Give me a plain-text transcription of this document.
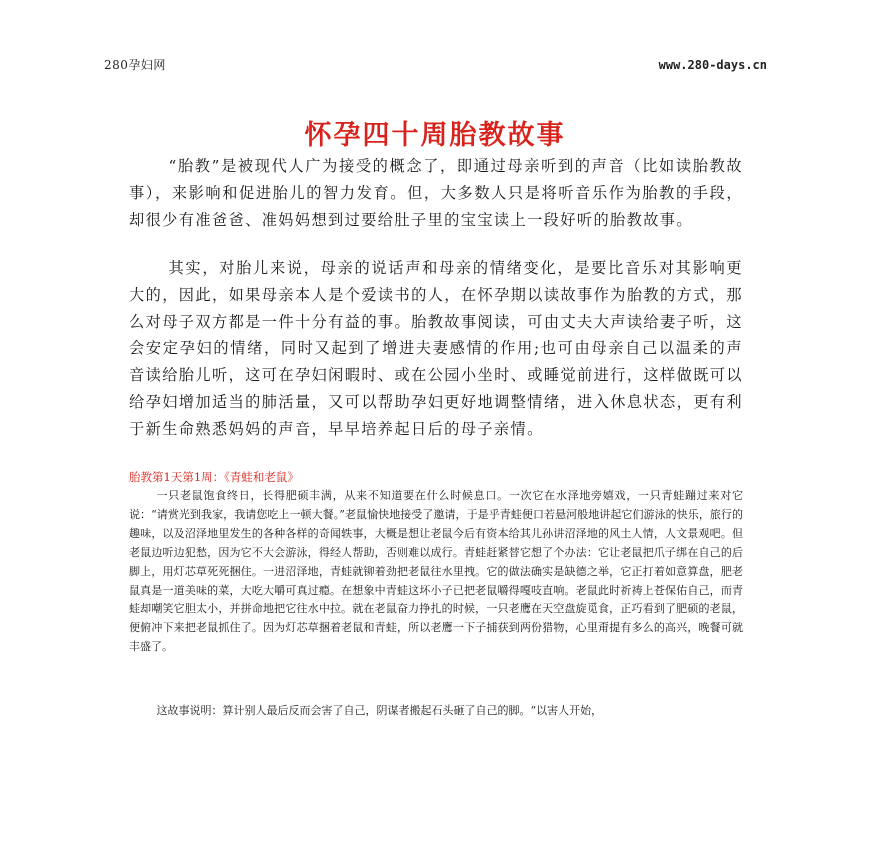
280孕妇网	www.280-days.cn
怀孕四十周胎教故事

“胎教”是被现代人广为接受的概念了，即通过母亲听到的声音（比如读胎教故事），来影响和促进胎儿的智力发育。但，大多数人只是将听音乐作为胎教的手段，却很少有准爸爸、准妈妈想到过要给肚子里的宝宝读上一段好听的胎教故事。

其实，对胎儿来说，母亲的说话声和母亲的情绪变化，是要比音乐对其影响更大的，因此，如果母亲本人是个爱读书的人，在怀孕期以读故事作为胎教的方式，那么对母子双方都是一件十分有益的事。胎教故事阅读，可由丈夫大声读给妻子听，这会安定孕妇的情绪，同时又起到了增进夫妻感情的作用;也可由母亲自己以温柔的声音读给胎儿听，这可在孕妇闲暇时、或在公园小坐时、或睡觉前进行，这样做既可以给孕妇增加适当的肺活量，又可以帮助孕妇更好地调整情绪，进入休息状态，更有利于新生命熟悉妈妈的声音，早早培养起日后的母子亲情。

胎教第1天第1周：《青蛙和老鼠》

一只老鼠饱食终日，长得肥硕丰满，从来不知道要在什么时候息口。一次它在水泽地旁嬉戏，一只青蛙蹦过来对它说：“请赏光到我家，我请您吃上一顿大餐。”老鼠愉快地接受了邀请，于是乎青蛙便口若悬河般地讲起它们游泳的快乐，旅行的趣味，以及沼泽地里发生的各种各样的奇闻轶事，大概是想让老鼠今后有资本给其儿孙讲沼泽地的风土人情，人文景观吧。但老鼠边听边犯愁，因为它不大会游泳，得经人帮助，否则难以成行。青蛙赶紧替它想了个办法：它让老鼠把爪子绑在自己的后脚上，用灯芯草死死捆住。一进沼泽地，青蛙就铆着劲把老鼠往水里拽。它的做法确实是缺德之举，它正打着如意算盘，肥老鼠真是一道美味的菜，大吃大嚼可真过瘾。在想象中青蛙这坏小子已把老鼠嚼得嘎吱直响。老鼠此时祈祷上苍保佑自己，而青蛙却嘲笑它胆太小，并拼命地把它往水中拉。就在老鼠奋力挣扎的时候，一只老鹰在天空盘旋觅食，正巧看到了肥硕的老鼠，便俯冲下来把老鼠抓住了。因为灯芯草捆着老鼠和青蛙，所以老鹰一下子捕获到两份猎物，心里甭提有多么的高兴，晚餐可就丰盛了。

这故事说明：算计别人最后反而会害了自己，阴谋者搬起石头砸了自己的脚。“以害人开始，
